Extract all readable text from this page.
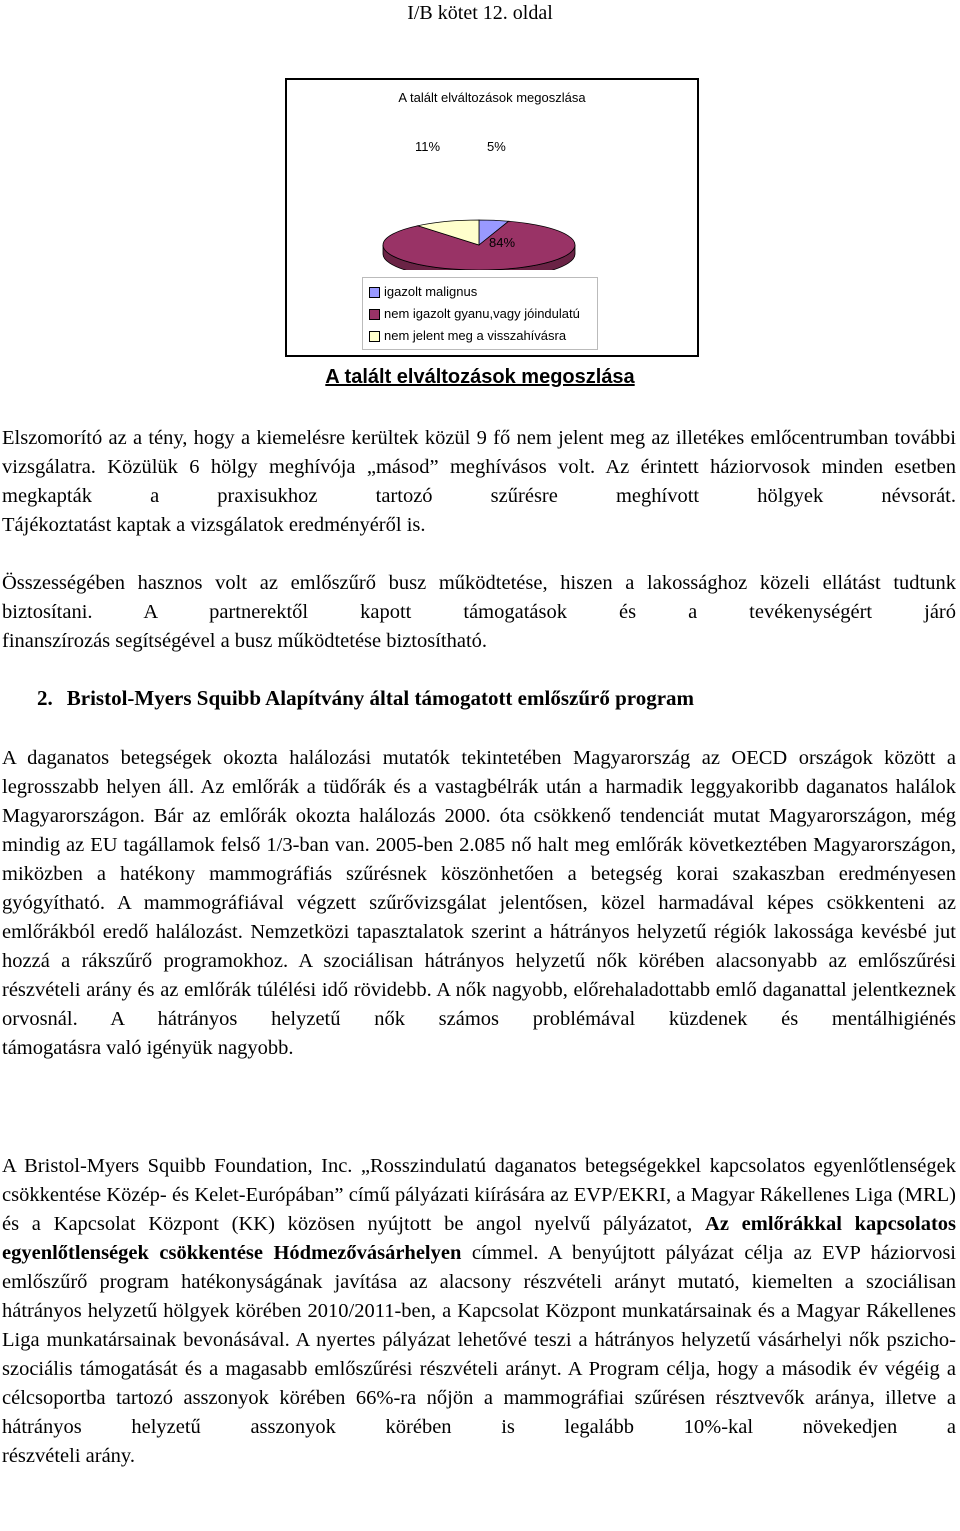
I/B kötet 12. oldal
A talált elváltozások megoszlása
5%
84%
11%
igazolt malignus
nem igazolt gyanu,vagy jóindulatú
nem jelent meg a visszahívásra
A talált elváltozások megoszlása
Elszomorító az a tény, hogy a kiemelésre kerültek közül 9 fő nem jelent meg az illetékes emlőcentrumban további vizsgálatra. Közülük 6 hölgy meghívója „másod” meghívásos volt. Az érintett háziorvosok minden esetben megkapták a praxisukhoz tartozó szűrésre meghívott hölgyek névsorát.
Tájékoztatást kaptak a vizsgálatok eredményéről is.
Összességében hasznos volt az emlőszűrő busz működtetése, hiszen a lakossághoz közeli ellátást tudtunk biztosítani. A partnerektől kapott támogatások és a tevékenységért járó
finanszírozás segítségével a busz működtetése biztosítható.
2. Bristol-Myers Squibb Alapítvány által támogatott emlőszűrő program
A daganatos betegségek okozta halálozási mutatók tekintetében Magyarország az OECD országok között a legrosszabb helyen áll. Az emlőrák a tüdőrák és a vastagbélrák után a harmadik leggyakoribb daganatos halálok Magyarországon. Bár az emlőrák okozta halálozás 2000. óta csökkenő tendenciát mutat Magyarországon, még mindig az EU tagállamok felső 1/3-ban van. 2005-ben 2.085 nő halt meg emlőrák következtében Magyarországon, miközben a hatékony mammográfiás szűrésnek köszönhetően a betegség korai szakaszban eredményesen gyógyítható. A mammográfiával végzett szűrővizsgálat jelentősen, közel harmadával képes csökkenteni az emlőrákból eredő halálozást. Nemzetközi tapasztalatok szerint a hátrányos helyzetű régiók lakossága kevésbé jut hozzá a rákszűrő programokhoz. A szociálisan hátrányos helyzetű nők körében alacsonyabb az emlőszűrési részvételi arány és az emlőrák túlélési idő rövidebb. A nők nagyobb, előrehaladottabb emlő daganattal jelentkeznek orvosnál. A hátrányos helyzetű nők számos problémával küzdenek és mentálhigiénés
támogatásra való igényük nagyobb.
A Bristol-Myers Squibb Foundation, Inc. „Rosszindulatú daganatos betegségekkel kapcsolatos egyenlőtlenségek csökkentése Közép- és Kelet-Európában” című pályázati kiírására az EVP/EKRI, a Magyar Rákellenes Liga (MRL) és a Kapcsolat Központ (KK) közösen nyújtott be angol nyelvű pályázatot, Az emlőrákkal kapcsolatos egyenlőtlenségek csökkentése Hódmezővásárhelyen címmel. A benyújtott pályázat célja az EVP háziorvosi emlőszűrő program hatékonyságának javítása az alacsony részvételi arányt mutató, kiemelten a szociálisan hátrányos helyzetű hölgyek körében 2010/2011-ben, a Kapcsolat Központ munkatársainak és a Magyar Rákellenes Liga munkatársainak bevonásával. A nyertes pályázat lehetővé teszi a hátrányos helyzetű vásárhelyi nők pszicho-szociális támogatását és a magasabb emlőszűrési részvételi arányt. A Program célja, hogy a második év végéig a célcsoportba tartozó asszonyok körében 66%-ra nőjön a mammográfiai szűrésen résztvevők aránya, illetve a hátrányos helyzetű asszonyok körében is legalább 10%-kal növekedjen a
részvételi arány.
